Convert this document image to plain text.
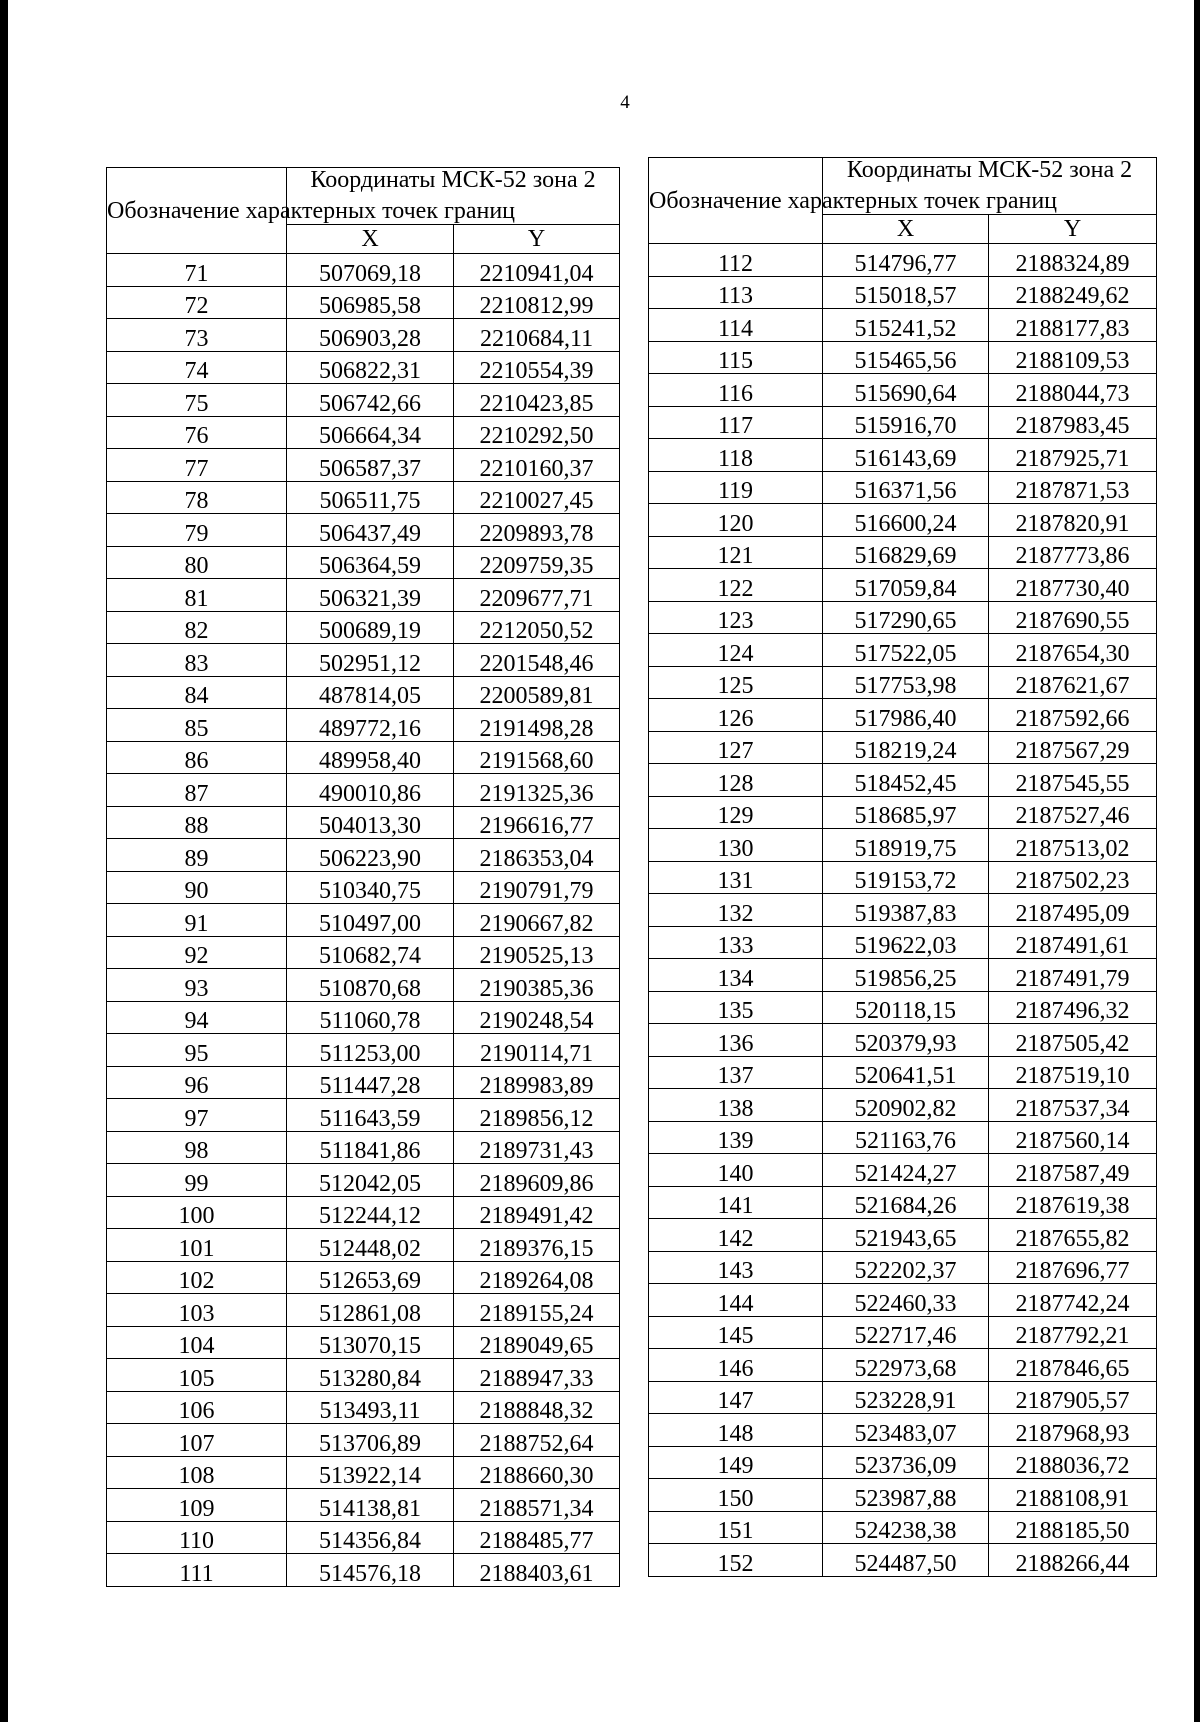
4
Обозначение характерных точек границ	Координаты МСК-52 зона 2	
	X	Y
71	507069,18	2210941,04
72	506985,58	2210812,99
73	506903,28	2210684,11
74	506822,31	2210554,39
75	506742,66	2210423,85
76	506664,34	2210292,50
77	506587,37	2210160,37
78	506511,75	2210027,45
79	506437,49	2209893,78
80	506364,59	2209759,35
81	506321,39	2209677,71
82	500689,19	2212050,52
83	502951,12	2201548,46
84	487814,05	2200589,81
85	489772,16	2191498,28
86	489958,40	2191568,60
87	490010,86	2191325,36
88	504013,30	2196616,77
89	506223,90	2186353,04
90	510340,75	2190791,79
91	510497,00	2190667,82
92	510682,74	2190525,13
93	510870,68	2190385,36
94	511060,78	2190248,54
95	511253,00	2190114,71
96	511447,28	2189983,89
97	511643,59	2189856,12
98	511841,86	2189731,43
99	512042,05	2189609,86
100	512244,12	2189491,42
101	512448,02	2189376,15
102	512653,69	2189264,08
103	512861,08	2189155,24
104	513070,15	2189049,65
105	513280,84	2188947,33
106	513493,11	2188848,32
107	513706,89	2188752,64
108	513922,14	2188660,30
109	514138,81	2188571,34
110	514356,84	2188485,77
111	514576,18	2188403,61
Обозначение характерных точек границ	Координаты МСК-52 зона 2	
	X	Y
112	514796,77	2188324,89
113	515018,57	2188249,62
114	515241,52	2188177,83
115	515465,56	2188109,53
116	515690,64	2188044,73
117	515916,70	2187983,45
118	516143,69	2187925,71
119	516371,56	2187871,53
120	516600,24	2187820,91
121	516829,69	2187773,86
122	517059,84	2187730,40
123	517290,65	2187690,55
124	517522,05	2187654,30
125	517753,98	2187621,67
126	517986,40	2187592,66
127	518219,24	2187567,29
128	518452,45	2187545,55
129	518685,97	2187527,46
130	518919,75	2187513,02
131	519153,72	2187502,23
132	519387,83	2187495,09
133	519622,03	2187491,61
134	519856,25	2187491,79
135	520118,15	2187496,32
136	520379,93	2187505,42
137	520641,51	2187519,10
138	520902,82	2187537,34
139	521163,76	2187560,14
140	521424,27	2187587,49
141	521684,26	2187619,38
142	521943,65	2187655,82
143	522202,37	2187696,77
144	522460,33	2187742,24
145	522717,46	2187792,21
146	522973,68	2187846,65
147	523228,91	2187905,57
148	523483,07	2187968,93
149	523736,09	2188036,72
150	523987,88	2188108,91
151	524238,38	2188185,50
152	524487,50	2188266,44
